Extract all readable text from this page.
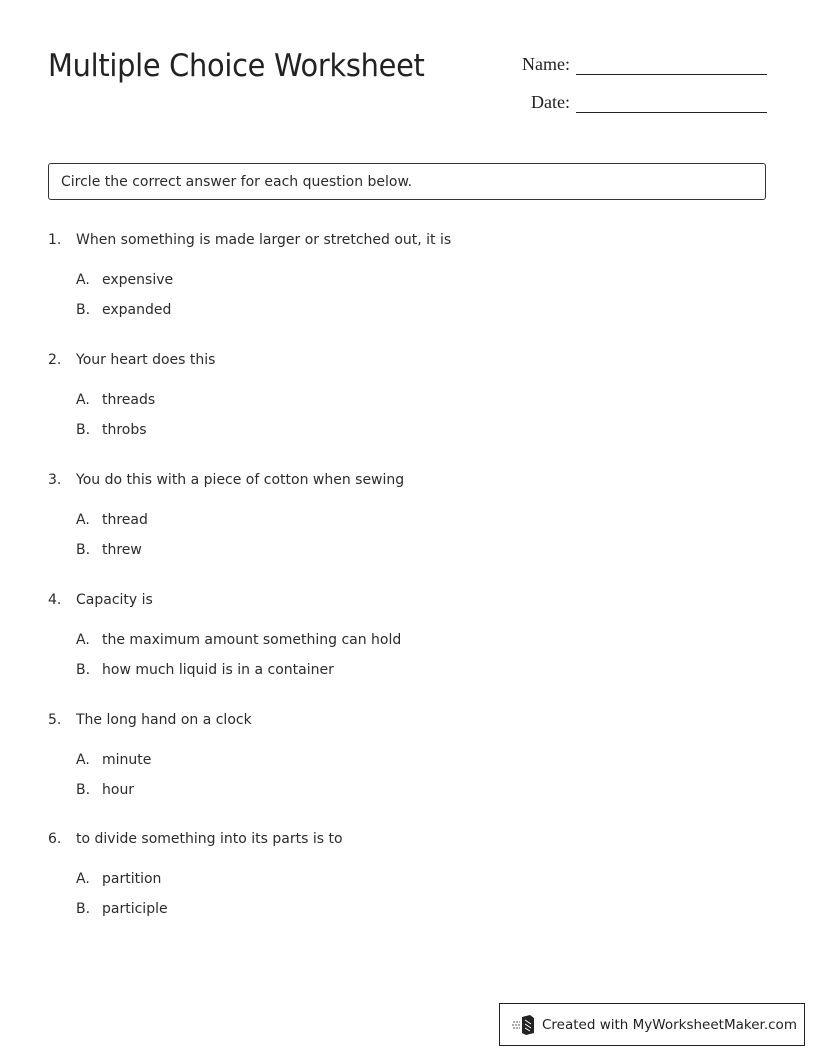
Multiple Choice Worksheet	Name:
Date:
Circle the correct answer for each question below.
1.	When something is made larger or stretched out, it is
A. expensive
B. expanded
2.	Your heart does this
A. threads
B. throbs
3.	You do this with a piece of cotton when sewing
A. thread
B. threw
4.	Capacity is
A. the maximum amount something can hold
B. how much liquid is in a container
5.	The long hand on a clock
A. minute
B. hour
6.	to divide something into its parts is to
A. partition
B. participle
Created with MyWorksheetMaker.com
